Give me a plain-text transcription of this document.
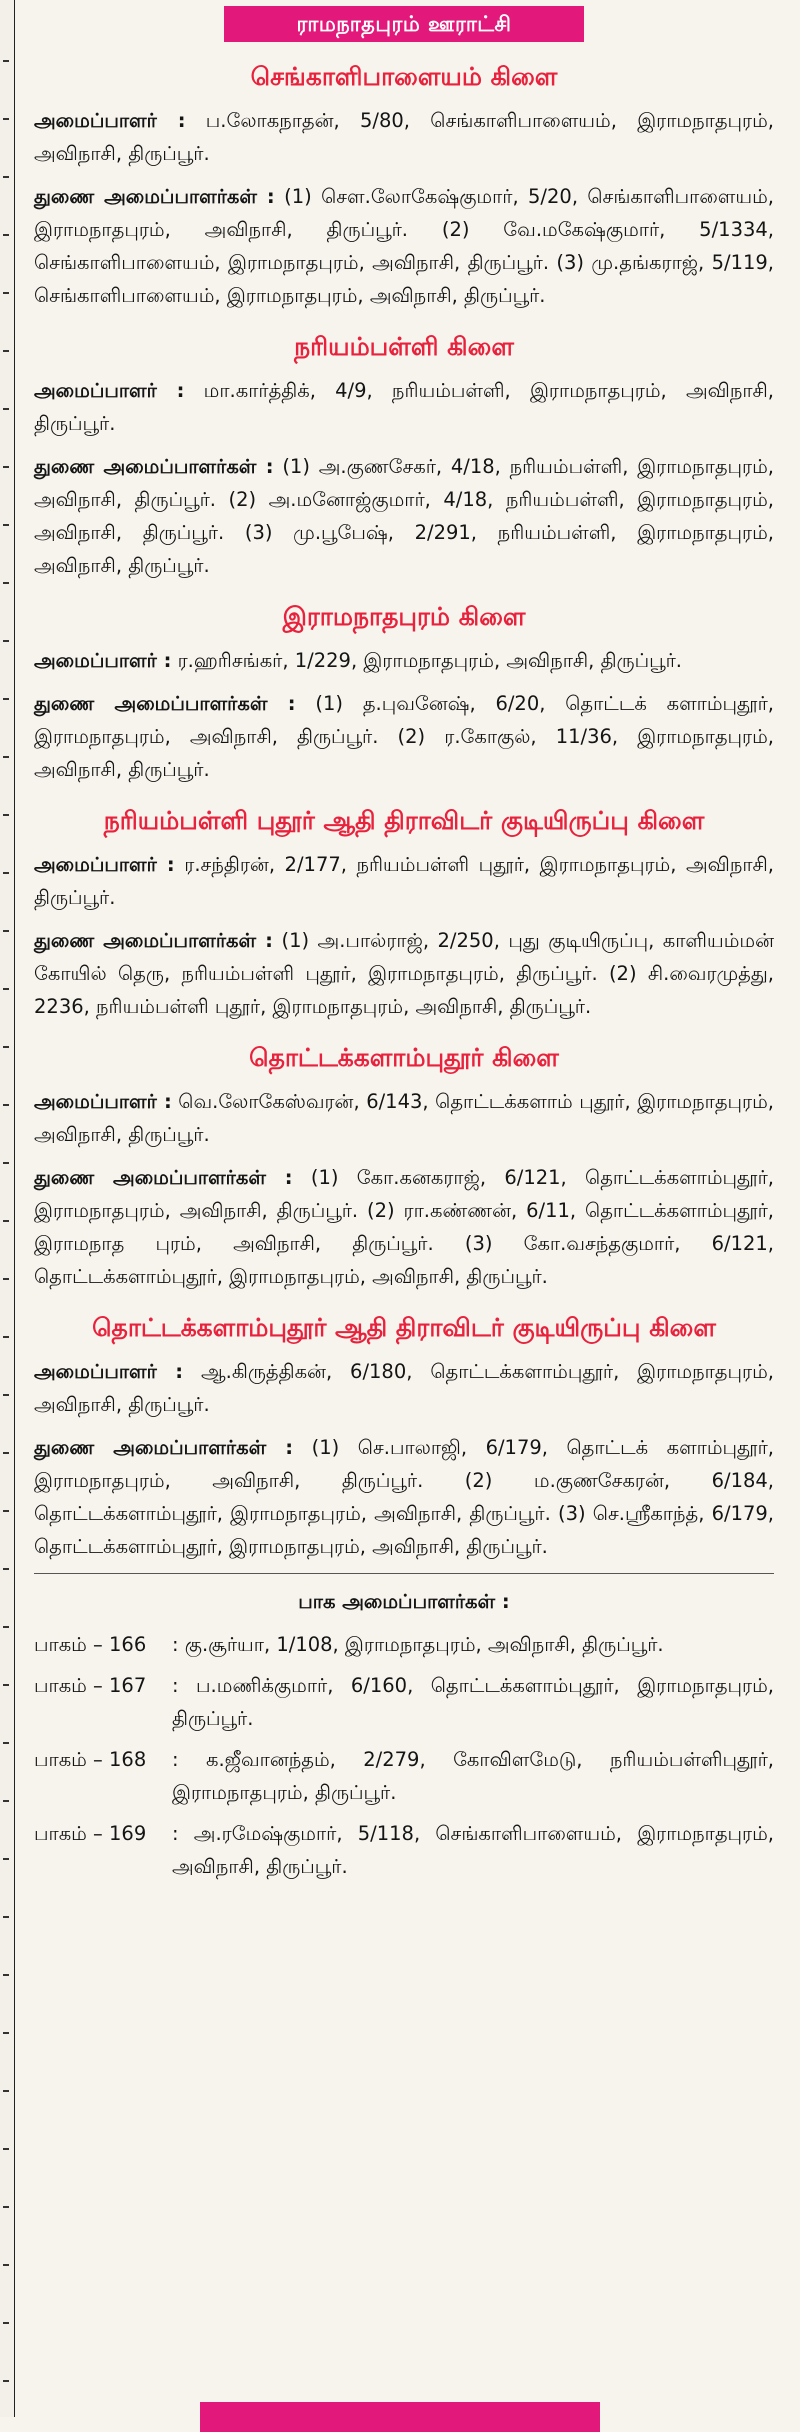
ராமநாதபுரம் ஊராட்சி
செங்காளிபாளையம் கிளை

அமைப்பாளர் : ப.லோகநாதன், 5/80, செங்காளிபாளையம், இராமநாதபுரம், அவிநாசி, திருப்பூர்.

துணை அமைப்பாளர்கள் : (1) செள.லோகேஷ்குமார், 5/20, செங்காளிபாளையம், இராமநாதபுரம், அவிநாசி, திருப்பூர். (2) வே.மகேஷ்குமார், 5/1334, செங்காளிபாளையம், இராமநாதபுரம், அவிநாசி, திருப்பூர். (3) மு.தங்கராஜ், 5/119, செங்காளிபாளையம், இராமநாதபுரம், அவிநாசி, திருப்பூர்.

நரியம்பள்ளி கிளை

அமைப்பாளர் : மா.கார்த்திக், 4/9, நரியம்பள்ளி, இராமநாதபுரம், அவிநாசி, திருப்பூர்.

துணை அமைப்பாளர்கள் : (1) அ.குணசேகர், 4/18, நரியம்பள்ளி, இராமநாதபுரம், அவிநாசி, திருப்பூர். (2) அ.மனோஜ்குமார், 4/18, நரியம்பள்ளி, இராமநாதபுரம், அவிநாசி, திருப்பூர். (3) மு.பூபேஷ், 2/291, நரியம்பள்ளி, இராமநாதபுரம், அவிநாசி, திருப்பூர்.

இராமநாதபுரம் கிளை

அமைப்பாளர் : ர.ஹரிசங்கர், 1/229, இராமநாதபுரம், அவிநாசி, திருப்பூர்.

துணை அமைப்பாளர்கள் : (1) த.புவனேஷ், 6/20, தொட்டக் களாம்புதூர், இராமநாதபுரம், அவிநாசி, திருப்பூர். (2) ர.கோகுல், 11/36, இராமநாதபுரம், அவிநாசி, திருப்பூர்.

நரியம்பள்ளி புதூர் ஆதி திராவிடர் குடியிருப்பு கிளை

அமைப்பாளர் : ர.சந்திரன், 2/177, நரியம்பள்ளி புதூர், இராமநாதபுரம், அவிநாசி, திருப்பூர்.

துணை அமைப்பாளர்கள் : (1) அ.பால்ராஜ், 2/250, புது குடியிருப்பு, காளியம்மன் கோயில் தெரு, நரியம்பள்ளி புதூர், இராமநாதபுரம், திருப்பூர். (2) சி.வைரமுத்து, 2236, நரியம்பள்ளி புதூர், இராமநாதபுரம், அவிநாசி, திருப்பூர்.

தொட்டக்களாம்புதூர் கிளை

அமைப்பாளர் : வெ.லோகேஸ்வரன், 6/143, தொட்டக்களாம் புதூர், இராமநாதபுரம், அவிநாசி, திருப்பூர்.

துணை அமைப்பாளர்கள் : (1) கோ.கனகராஜ், 6/121, தொட்டக்களாம்புதூர், இராமநாதபுரம், அவிநாசி, திருப்பூர். (2) ரா.கண்ணன், 6/11, தொட்டக்களாம்புதூர், இராமநாத புரம், அவிநாசி, திருப்பூர். (3) கோ.வசந்தகுமார், 6/121, தொட்டக்களாம்புதூர், இராமநாதபுரம், அவிநாசி, திருப்பூர்.

தொட்டக்களாம்புதூர் ஆதி திராவிடர் குடியிருப்பு கிளை

அமைப்பாளர் : ஆ.கிருத்திகன், 6/180, தொட்டக்களாம்புதூர், இராமநாதபுரம், அவிநாசி, திருப்பூர்.

துணை அமைப்பாளர்கள் : (1) செ.பாலாஜி, 6/179, தொட்டக் களாம்புதூர், இராமநாதபுரம், அவிநாசி, திருப்பூர். (2) ம.குணசேகரன், 6/184, தொட்டக்களாம்புதூர், இராமநாதபுரம், அவிநாசி, திருப்பூர். (3) செ.ஸ்ரீகாந்த், 6/179, தொட்டக்களாம்புதூர், இராமநாதபுரம், அவிநாசி, திருப்பூர்.

பாக அமைப்பாளர்கள் :
பாகம் – 166	: கு.சூர்யா, 1/108, இராமநாதபுரம், அவிநாசி, திருப்பூர்.
பாகம் – 167	: ப.மணிக்குமார், 6/160, தொட்டக்களாம்புதூர், இராமநாதபுரம், திருப்பூர்.
பாகம் – 168	: க.ஜீவானந்தம், 2/279, கோவிளமேடு, நரியம்பள்ளிபுதூர், இராமநாதபுரம், திருப்பூர்.
பாகம் – 169	: அ.ரமேஷ்குமார், 5/118, செங்காளிபாளையம், இராமநாதபுரம், அவிநாசி, திருப்பூர்.
